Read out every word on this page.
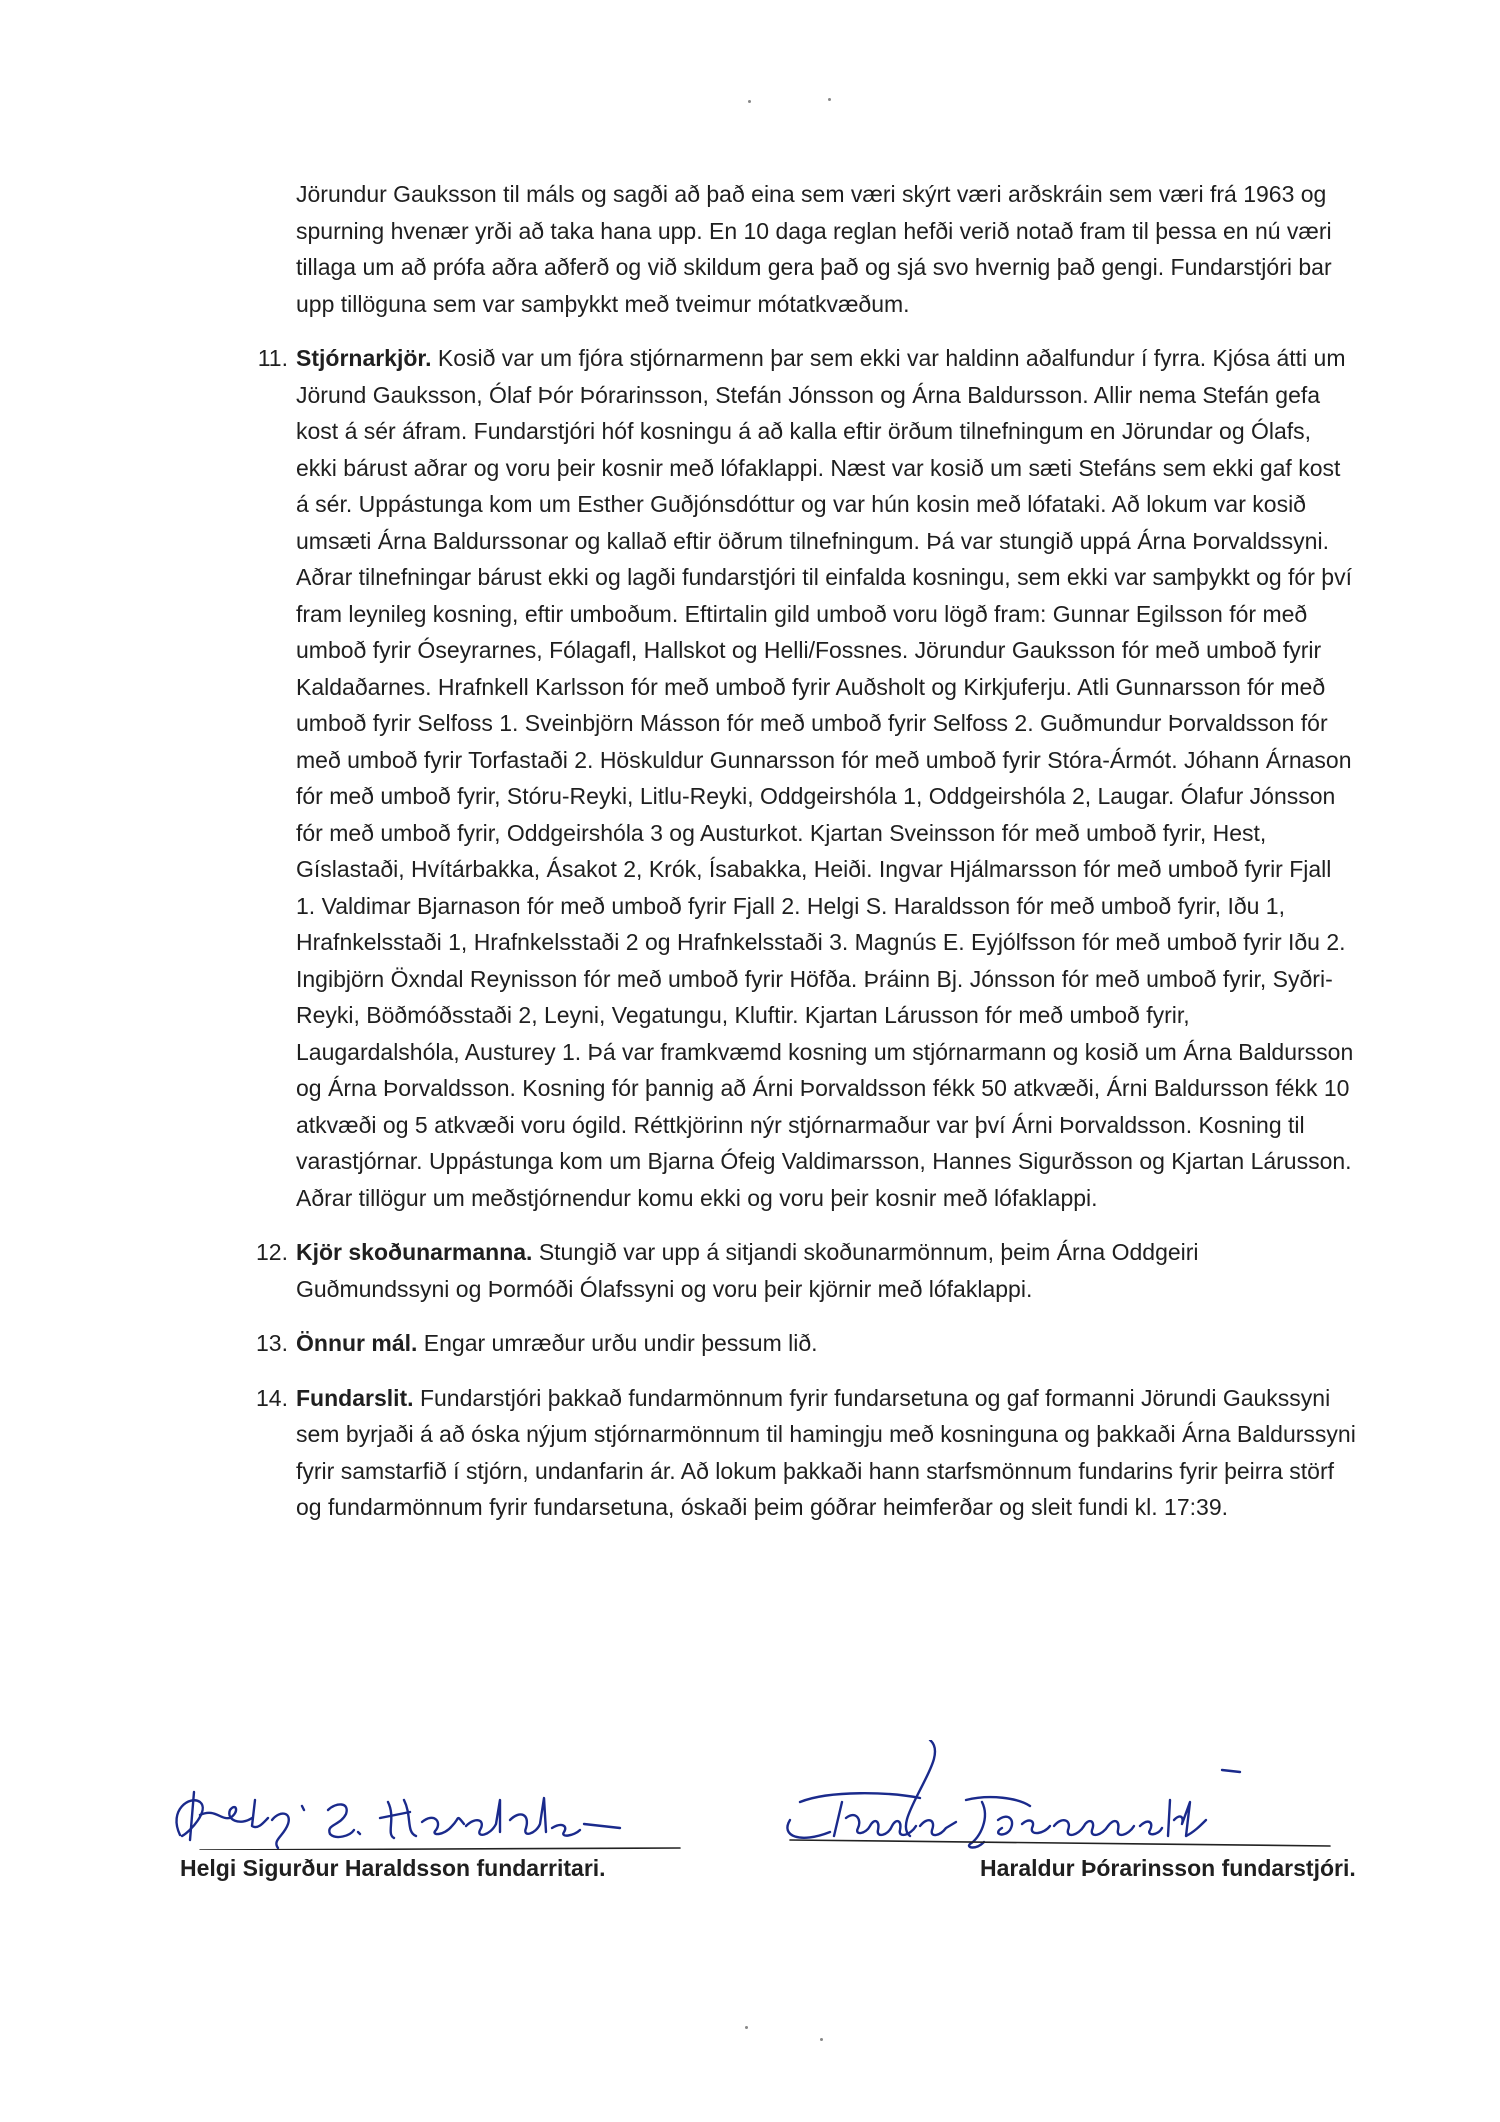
Jörundur Gauksson til máls og sagði að það eina sem væri skýrt væri arðskráin sem væri frá 1963 og spurning hvenær yrði að taka hana upp. En 10 daga reglan hefði verið notað fram til þessa en nú væri tillaga um að prófa aðra aðferð og við skildum gera það og sjá svo hvernig það gengi. Fundarstjóri bar upp tillöguna sem var samþykkt með tveimur mótatkvæðum.

11. Stjórnarkjör. Kosið var um fjóra stjórnarmenn þar sem ekki var haldinn aðalfundur í fyrra. Kjósa átti um Jörund Gauksson, Ólaf Þór Þórarinsson, Stefán Jónsson og Árna Baldursson. Allir nema Stefán gefa kost á sér áfram. Fundarstjóri hóf kosningu á að kalla eftir örðum tilnefningum en Jörundar og Ólafs, ekki bárust aðrar og voru þeir kosnir með lófaklappi. Næst var kosið um sæti Stefáns sem ekki gaf kost á sér. Uppástunga kom um Esther Guðjónsdóttur og var hún kosin með lófataki. Að lokum var kosið umsæti Árna Baldurssonar og kallað eftir öðrum tilnefningum. Þá var stungið uppá Árna Þorvaldssyni. Aðrar tilnefningar bárust ekki og lagði fundarstjóri til einfalda kosningu, sem ekki var samþykkt og fór því fram leynileg kosning, eftir umboðum. Eftirtalin gild umboð voru lögð fram: Gunnar Egilsson fór með umboð fyrir Óseyrarnes, Fólagafl, Hallskot og Helli/Fossnes. Jörundur Gauksson fór með umboð fyrir Kaldaðarnes. Hrafnkell Karlsson fór með umboð fyrir Auðsholt og Kirkjuferju. Atli Gunnarsson fór með umboð fyrir Selfoss 1. Sveinbjörn Másson fór með umboð fyrir Selfoss 2. Guðmundur Þorvaldsson fór með umboð fyrir Torfastaði 2. Höskuldur Gunnarsson fór með umboð fyrir Stóra-Ármót. Jóhann Árnason fór með umboð fyrir, Stóru-Reyki, Litlu-Reyki, Oddgeirshóla 1, Oddgeirshóla 2, Laugar. Ólafur Jónsson fór með umboð fyrir, Oddgeirshóla 3 og Austurkot. Kjartan Sveinsson fór með umboð fyrir, Hest, Gíslastaði, Hvítárbakka, Ásakot 2, Krók, Ísabakka, Heiði. Ingvar Hjálmarsson fór með umboð fyrir Fjall 1. Valdimar Bjarnason fór með umboð fyrir Fjall 2. Helgi S. Haraldsson fór með umboð fyrir, Iðu 1, Hrafnkelsstaði 1, Hrafnkelsstaði 2 og Hrafnkelsstaði 3. Magnús E. Eyjólfsson fór með umboð fyrir Iðu 2. Ingibjörn Öxndal Reynisson fór með umboð fyrir Höfða. Þráinn Bj. Jónsson fór með umboð fyrir, Syðri-Reyki, Böðmóðsstaði 2, Leyni, Vegatungu, Kluftir. Kjartan Lárusson fór með umboð fyrir, Laugardalshóla, Austurey 1. Þá var framkvæmd kosning um stjórnarmann og kosið um Árna Baldursson og Árna Þorvaldsson. Kosning fór þannig að Árni Þorvaldsson fékk 50 atkvæði, Árni Baldursson fékk 10 atkvæði og 5 atkvæði voru ógild. Réttkjörinn nýr stjórnarmaður var því Árni Þorvaldsson. Kosning til varastjórnar. Uppástunga kom um Bjarna Ófeig Valdimarsson, Hannes Sigurðsson og Kjartan Lárusson. Aðrar tillögur um meðstjórnendur komu ekki og voru þeir kosnir með lófaklappi.
12. Kjör skoðunarmanna. Stungið var upp á sitjandi skoðunarmönnum, þeim Árna Oddgeiri Guðmundssyni og Þormóði Ólafssyni og voru þeir kjörnir með lófaklappi.
13. Önnur mál. Engar umræður urðu undir þessum lið.
14. Fundarslit. Fundarstjóri þakkað fundarmönnum fyrir fundarsetuna og gaf formanni Jörundi Gaukssyni sem byrjaði á að óska nýjum stjórnarmönnum til hamingju með kosninguna og þakkaði Árna Baldurssyni fyrir samstarfið í stjórn, undanfarin ár. Að lokum þakkaði hann starfsmönnum fundarins fyrir þeirra störf og fundarmönnum fyrir fundarsetuna, óskaði þeim góðrar heimferðar og sleit fundi kl. 17:39.
Helgi Sigurður Haraldsson fundarritari.	Haraldur Þórarinsson fundarstjóri.
